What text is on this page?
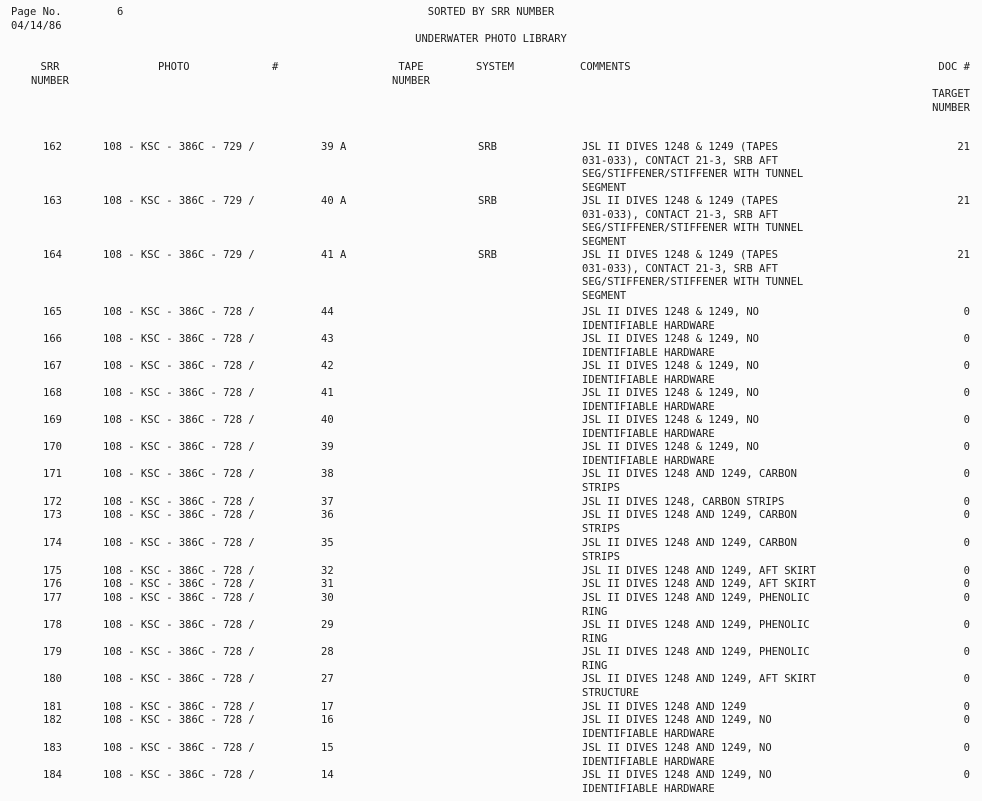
Page No.	6
04/14/86
SORTED BY SRR NUMBER
UNDERWATER PHOTO LIBRARY
SRR
NUMBER
PHOTO	#	TAPE
NUMBER
SYSTEM	COMMENTS	DOC #
TARGET
NUMBER
162	108 - KSC - 386C - 729 /	39 A	SRB	JSL II DIVES 1248 & 1249 (TAPES
031-033), CONTACT 21-3, SRB AFT
SEG/STIFFENER/STIFFENER WITH TUNNEL
SEGMENT
21
163	108 - KSC - 386C - 729 /	40 A	SRB	JSL II DIVES 1248 & 1249 (TAPES
031-033), CONTACT 21-3, SRB AFT
SEG/STIFFENER/STIFFENER WITH TUNNEL
SEGMENT
21
164	108 - KSC - 386C - 729 /	41 A	SRB	JSL II DIVES 1248 & 1249 (TAPES
031-033), CONTACT 21-3, SRB AFT
SEG/STIFFENER/STIFFENER WITH TUNNEL
SEGMENT
21
165	108 - KSC - 386C - 728 /	44	JSL II DIVES 1248 & 1249, NO
IDENTIFIABLE HARDWARE
0
166	108 - KSC - 386C - 728 /	43	JSL II DIVES 1248 & 1249, NO
IDENTIFIABLE HARDWARE
0
167	108 - KSC - 386C - 728 /	42	JSL II DIVES 1248 & 1249, NO
IDENTIFIABLE HARDWARE
0
168	108 - KSC - 386C - 728 /	41	JSL II DIVES 1248 & 1249, NO
IDENTIFIABLE HARDWARE
0
169	108 - KSC - 386C - 728 /	40	JSL II DIVES 1248 & 1249, NO
IDENTIFIABLE HARDWARE
0
170	108 - KSC - 386C - 728 /	39	JSL II DIVES 1248 & 1249, NO
IDENTIFIABLE HARDWARE
0
171	108 - KSC - 386C - 728 /	38	JSL II DIVES 1248 AND 1249, CARBON
STRIPS
0
172	108 - KSC - 386C - 728 /	37	JSL II DIVES 1248, CARBON STRIPS	0
173	108 - KSC - 386C - 728 /	36	JSL II DIVES 1248 AND 1249, CARBON
STRIPS
0
174	108 - KSC - 386C - 728 /	35	JSL II DIVES 1248 AND 1249, CARBON
STRIPS
0
175	108 - KSC - 386C - 728 /	32	JSL II DIVES 1248 AND 1249, AFT SKIRT	0
176	108 - KSC - 386C - 728 /	31	JSL II DIVES 1248 AND 1249, AFT SKIRT	0
177	108 - KSC - 386C - 728 /	30	JSL II DIVES 1248 AND 1249, PHENOLIC
RING
0
178	108 - KSC - 386C - 728 /	29	JSL II DIVES 1248 AND 1249, PHENOLIC
RING
0
179	108 - KSC - 386C - 728 /	28	JSL II DIVES 1248 AND 1249, PHENOLIC
RING
0
180	108 - KSC - 386C - 728 /	27	JSL II DIVES 1248 AND 1249, AFT SKIRT
STRUCTURE
0
181	108 - KSC - 386C - 728 /	17	JSL II DIVES 1248 AND 1249	0
182	108 - KSC - 386C - 728 /	16	JSL II DIVES 1248 AND 1249, NO
IDENTIFIABLE HARDWARE
0
183	108 - KSC - 386C - 728 /	15	JSL II DIVES 1248 AND 1249, NO
IDENTIFIABLE HARDWARE
0
184	108 - KSC - 386C - 728 /	14	JSL II DIVES 1248 AND 1249, NO
IDENTIFIABLE HARDWARE
0
